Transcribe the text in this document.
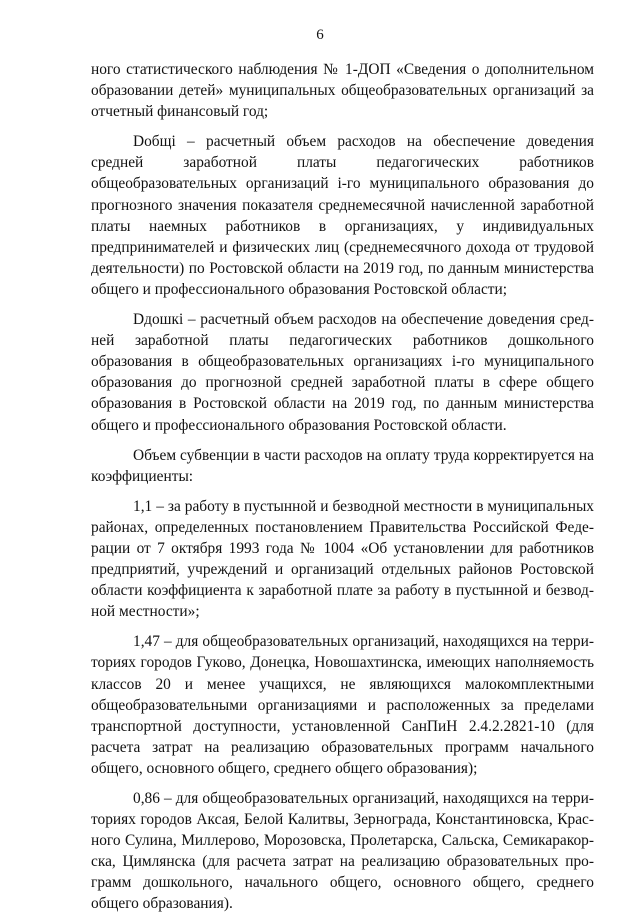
6

ного статистического наблюдения № 1-ДОП «Сведения о дополнительном образовании детей» муниципальных общеобразовательных организаций за отчетный финансовый год;

Dобщi – расчетный объем расходов на обеспечение доведения средней заработной платы педагогических работников общеобразовательных организаций i-го муниципального образования до прогнозного значения показателя среднемесячной начисленной заработной платы наемных работников в организациях, у индивидуальных предпринимателей и физических лиц (среднемесячного дохода от трудовой деятельности) по Ростовской области на 2019 год, по данным министерства общего и профессионального образования Ростовской области;

Dдошкi – расчетный объем расходов на обеспечение доведения средней заработной платы педагогических работников дошкольного образования в общеобразовательных организациях i-го муниципального образования до прогнозной средней заработной платы в сфере общего образования в Ростовской области на 2019 год, по данным министерства общего и профессионального образования Ростовской области.

Объем субвенции в части расходов на оплату труда корректируется на коэффициенты:

1,1 – за работу в пустынной и безводной местности в муниципальных районах, определенных постановлением Правительства Российской Федерации от 7 октября 1993 года № 1004 «Об установлении для работников предприятий, учреждений и организаций отдельных районов Ростовской области коэффициента к заработной плате за работу в пустынной и безводной местности»;

1,47 – для общеобразовательных организаций, находящихся на территориях городов Гуково, Донецка, Новошахтинска, имеющих наполняемость классов 20 и менее учащихся, не являющихся малокомплектными общеобразовательными организациями и расположенных за пределами транспортной доступности, установленной СанПиН 2.4.2.2821-10 (для расчета затрат на реализацию образовательных программ начального общего, основного общего, среднего общего образования);

0,86 – для общеобразовательных организаций, находящихся на территориях городов Аксая, Белой Калитвы, Зернограда, Константиновска, Красного Сулина, Миллерово, Морозовска, Пролетарска, Сальска, Семикаракорска, Цимлянска (для расчета затрат на реализацию образовательных программ дошкольного, начального общего, основного общего, среднего общего образования).
